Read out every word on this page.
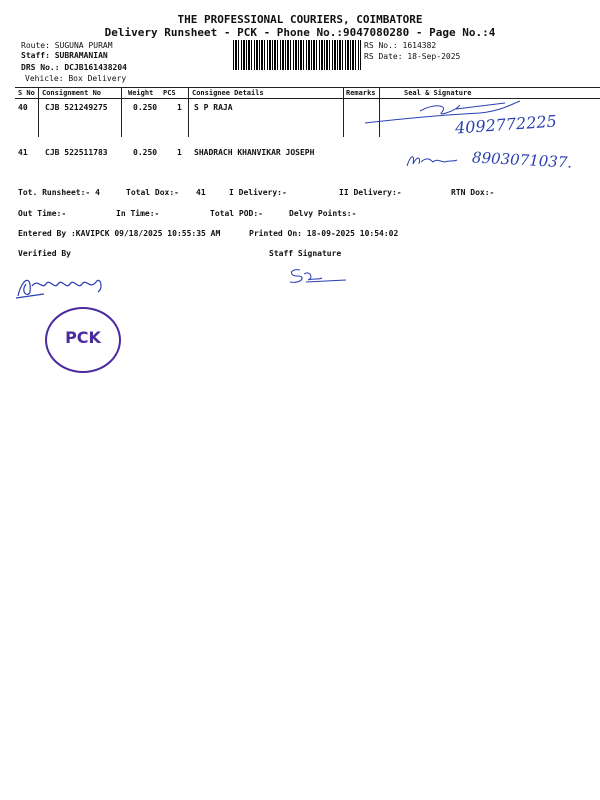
THE PROFESSIONAL COURIERS, COIMBATORE
Delivery Runsheet - PCK - Phone No.:9047080280 - Page No.:4
Route: SUGUNA PURAM
Staff: SUBRAMANIAN
DRS No.: DCJB161438204
Vehicle: Box Delivery
RS No.: 1614382
RS Date: 18-Sep-2025
S No Consignment No	Weight PCS Consignee Details	Remarks	Seal & Signature
40 CJB 521249275	0.250 1 S P RAJA
4092772225
41 CJB 522511783	0.250 1 SHADRACH KHANVIKAR JOSEPH	8903071037.
Tot. Runsheet:- 4	Total Dox:- 41	I Delivery:-	II Delivery:-	RTN Dox:-
Out Time:-	In Time:-	Total POD:-	Delvy Points:-
Entered By :KAVIPCK 09/18/2025 10:55:35 AM	Printed On: 18-09-2025 10:54:02
Verified By	Staff Signature
PCK
